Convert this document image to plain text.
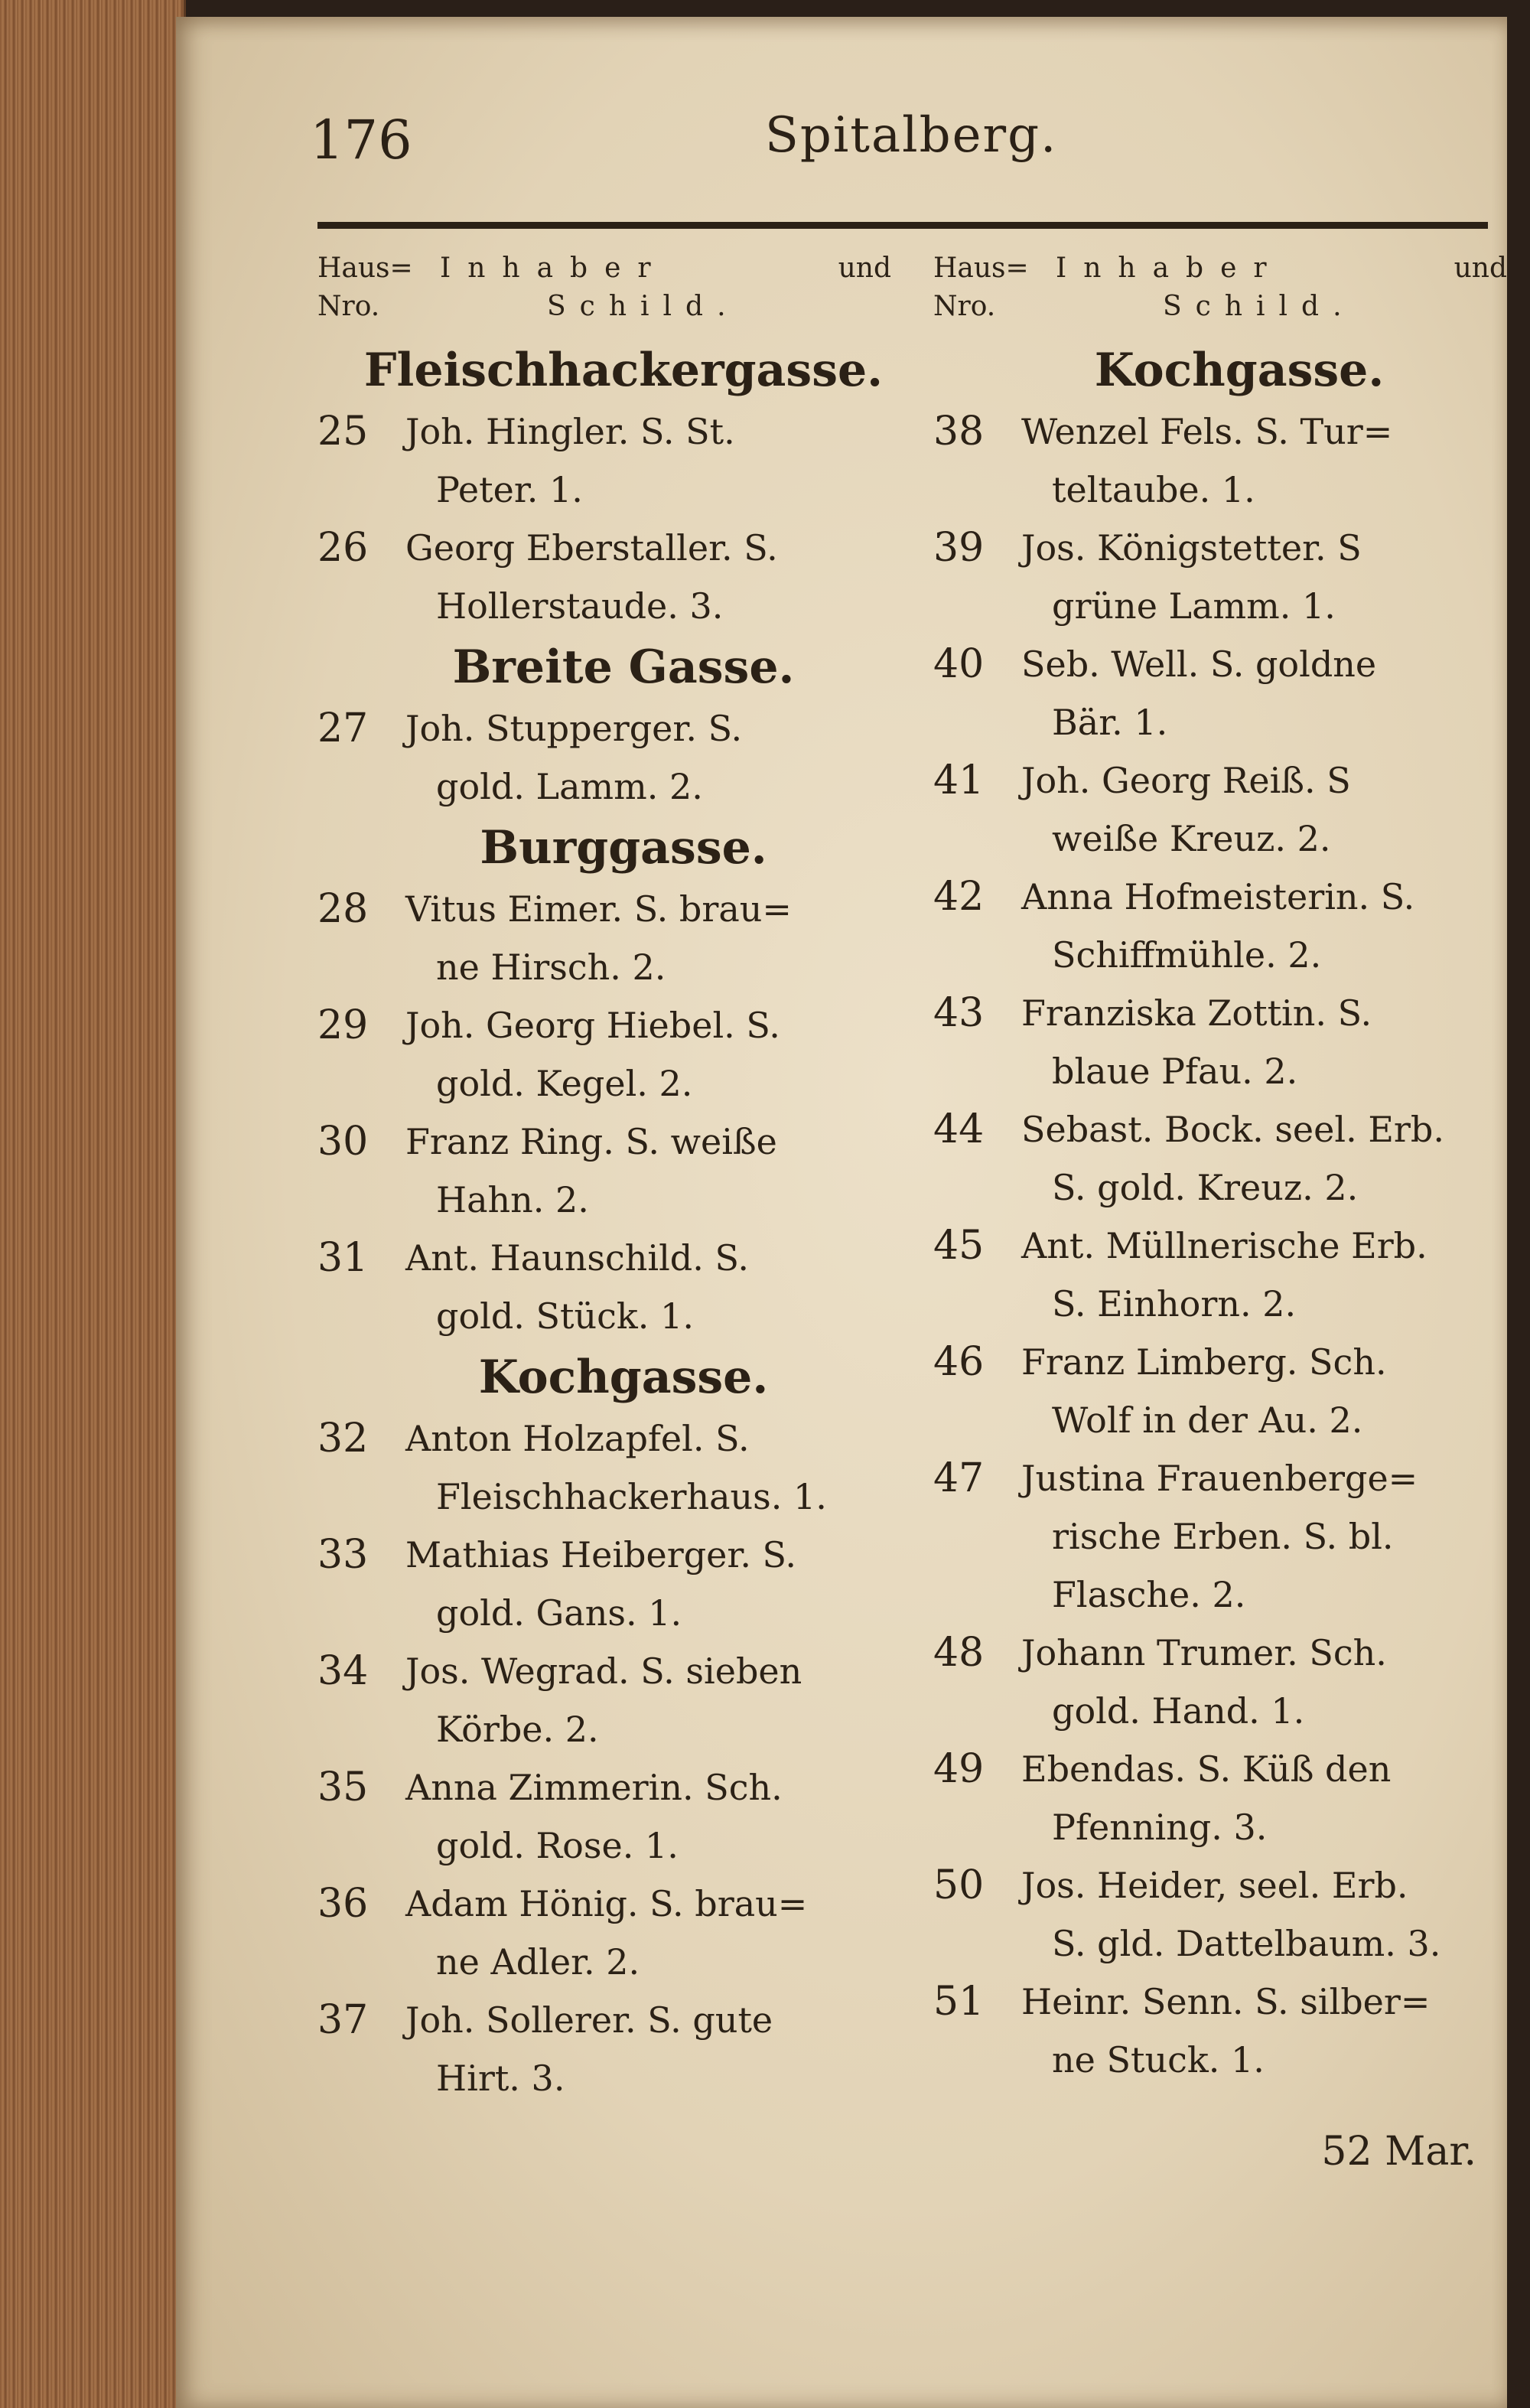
176	Spitalberg.
Haus=
Nro.
Inhaber	und
Schild.
Fleischhackergasse.
25 Joh. Hingler. S. St.
Peter. 1.
26 Georg Eberstaller. S.
Hollerstaude. 3.
Breite Gasse.
27 Joh. Stupperger. S.
gold. Lamm. 2.
Burggasse.
28 Vitus Eimer. S. brau=
ne Hirsch. 2.
29 Joh. Georg Hiebel. S.
gold. Kegel. 2.
30 Franz Ring. S. weiße
Hahn. 2.
31 Ant. Haunschild. S.
gold. Stück. 1.
Kochgasse.
32 Anton Holzapfel. S.
Fleischhackerhaus. 1.
33 Mathias Heiberger. S.
gold. Gans. 1.
34 Jos. Wegrad. S. sieben
Körbe. 2.
35 Anna Zimmerin. Sch.
gold. Rose. 1.
36 Adam Hönig. S. brau=
ne Adler. 2.
37 Joh. Sollerer. S. gute
Hirt. 3.
Haus=
Nro.
Inhaber	und
Schild.
Kochgasse.
38 Wenzel Fels. S. Tur=
teltaube. 1.
39 Jos. Königstetter. S
grüne Lamm. 1.
40 Seb. Well. S. goldne
Bär. 1.
41 Joh. Georg Reiß. S
weiße Kreuz. 2.
42 Anna Hofmeisterin. S.
Schiffmühle. 2.
43 Franziska Zottin. S.
blaue Pfau. 2.
44 Sebast. Bock. seel. Erb.
S. gold. Kreuz. 2.
45 Ant. Müllnerische Erb.
S. Einhorn. 2.
46 Franz Limberg. Sch.
Wolf in der Au. 2.
47 Justina Frauenberge=
rische Erben. S. bl.
Flasche. 2.
48 Johann Trumer. Sch.
gold. Hand. 1.
49 Ebendas. S. Küß den
Pfenning. 3.
50 Jos. Heider, seel. Erb.
S. gld. Dattelbaum. 3.
51 Heinr. Senn. S. silber=
ne Stuck. 1.
52 Mar.
